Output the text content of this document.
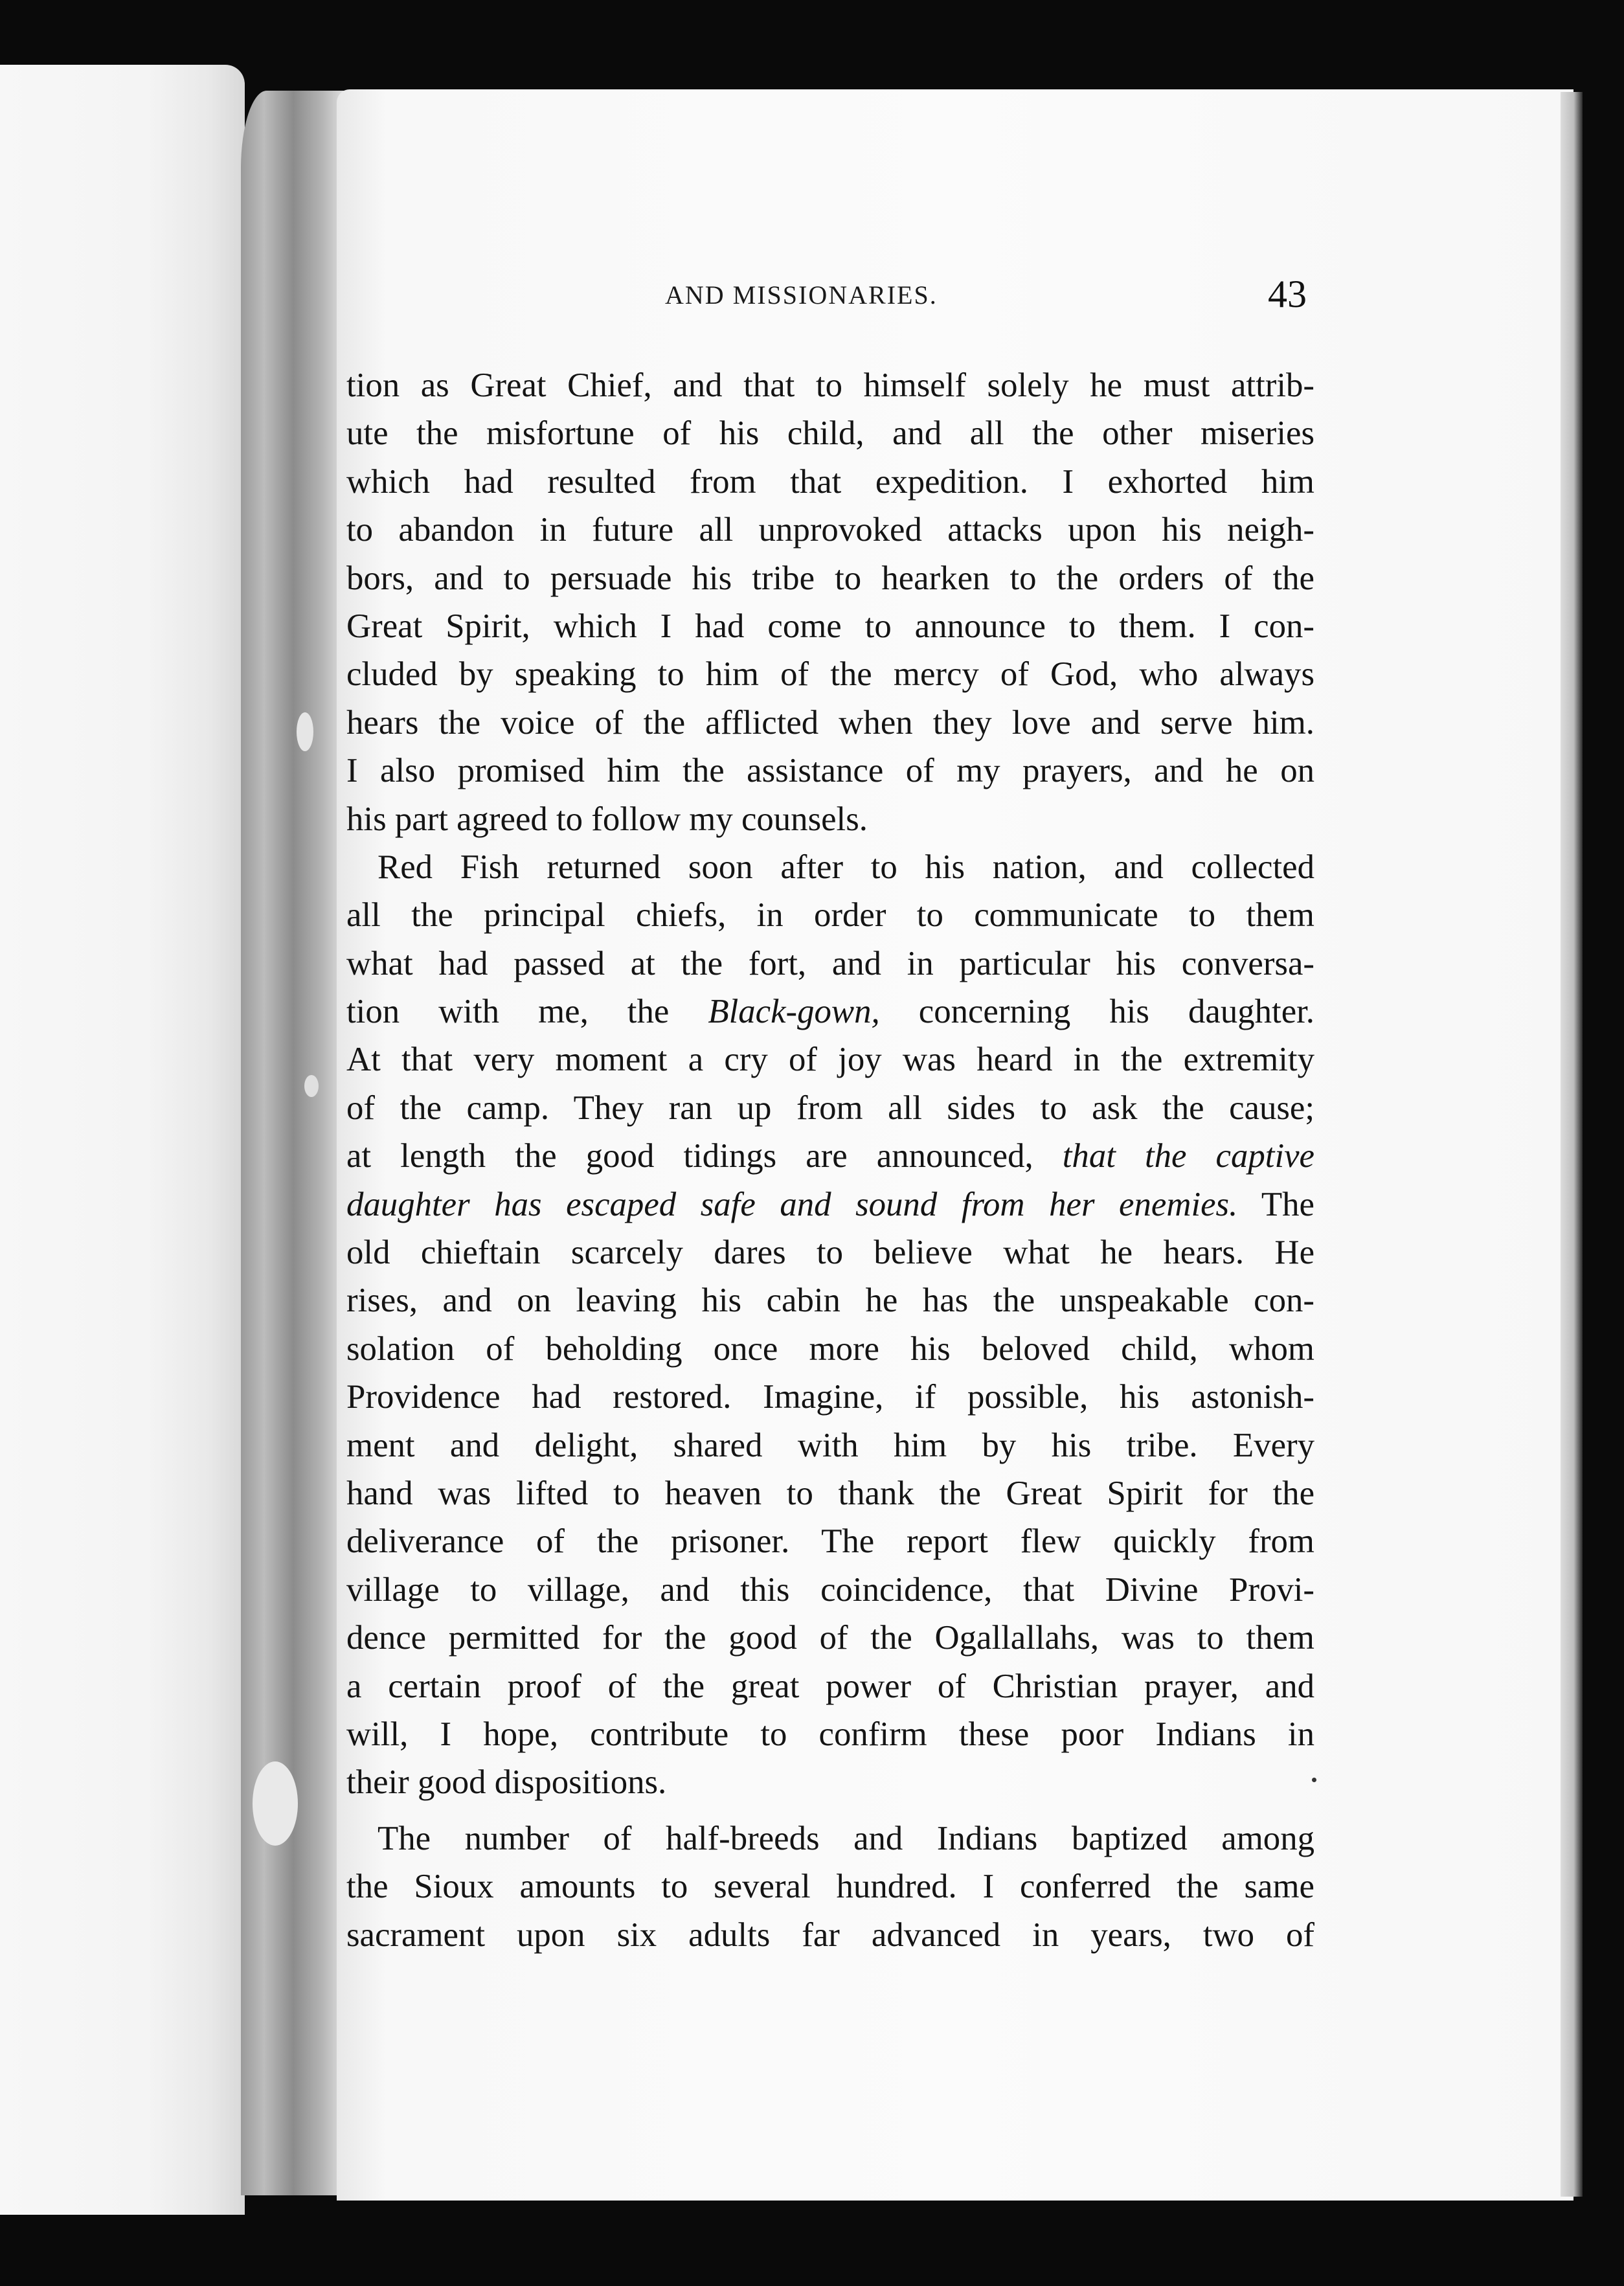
AND MISSIONARIES.	43
tion as Great Chief, and that to himself solely he must attrib-
ute the misfortune of his child, and all the other miseries
which had resulted from that expedition. I exhorted him
to abandon in future all unprovoked attacks upon his neigh-
bors, and to persuade his tribe to hearken to the orders of the
Great Spirit, which I had come to announce to them. I con-
cluded by speaking to him of the mercy of God, who always
hears the voice of the afflicted when they love and serve him.
I also promised him the assistance of my prayers, and he on
his part agreed to follow my counsels.
Red Fish returned soon after to his nation, and collected
all the principal chiefs, in order to communicate to them
what had passed at the fort, and in particular his conversa-
tion with me, the Black-gown, concerning his daughter.
At that very moment a cry of joy was heard in the extremity
of the camp. They ran up from all sides to ask the cause;
at length the good tidings are announced, that the captive
daughter has escaped safe and sound from her enemies. The
old chieftain scarcely dares to believe what he hears. He
rises, and on leaving his cabin he has the unspeakable con-
solation of beholding once more his beloved child, whom
Providence had restored. Imagine, if possible, his astonish-
ment and delight, shared with him by his tribe. Every
hand was lifted to heaven to thank the Great Spirit for the
deliverance of the prisoner. The report flew quickly from
village to village, and this coincidence, that Divine Provi-
dence permitted for the good of the Ogallallahs, was to them
a certain proof of the great power of Christian prayer, and
will, I hope, contribute to confirm these poor Indians in
their good dispositions.
The number of half-breeds and Indians baptized among
the Sioux amounts to several hundred. I conferred the same
sacrament upon six adults far advanced in years, two of
